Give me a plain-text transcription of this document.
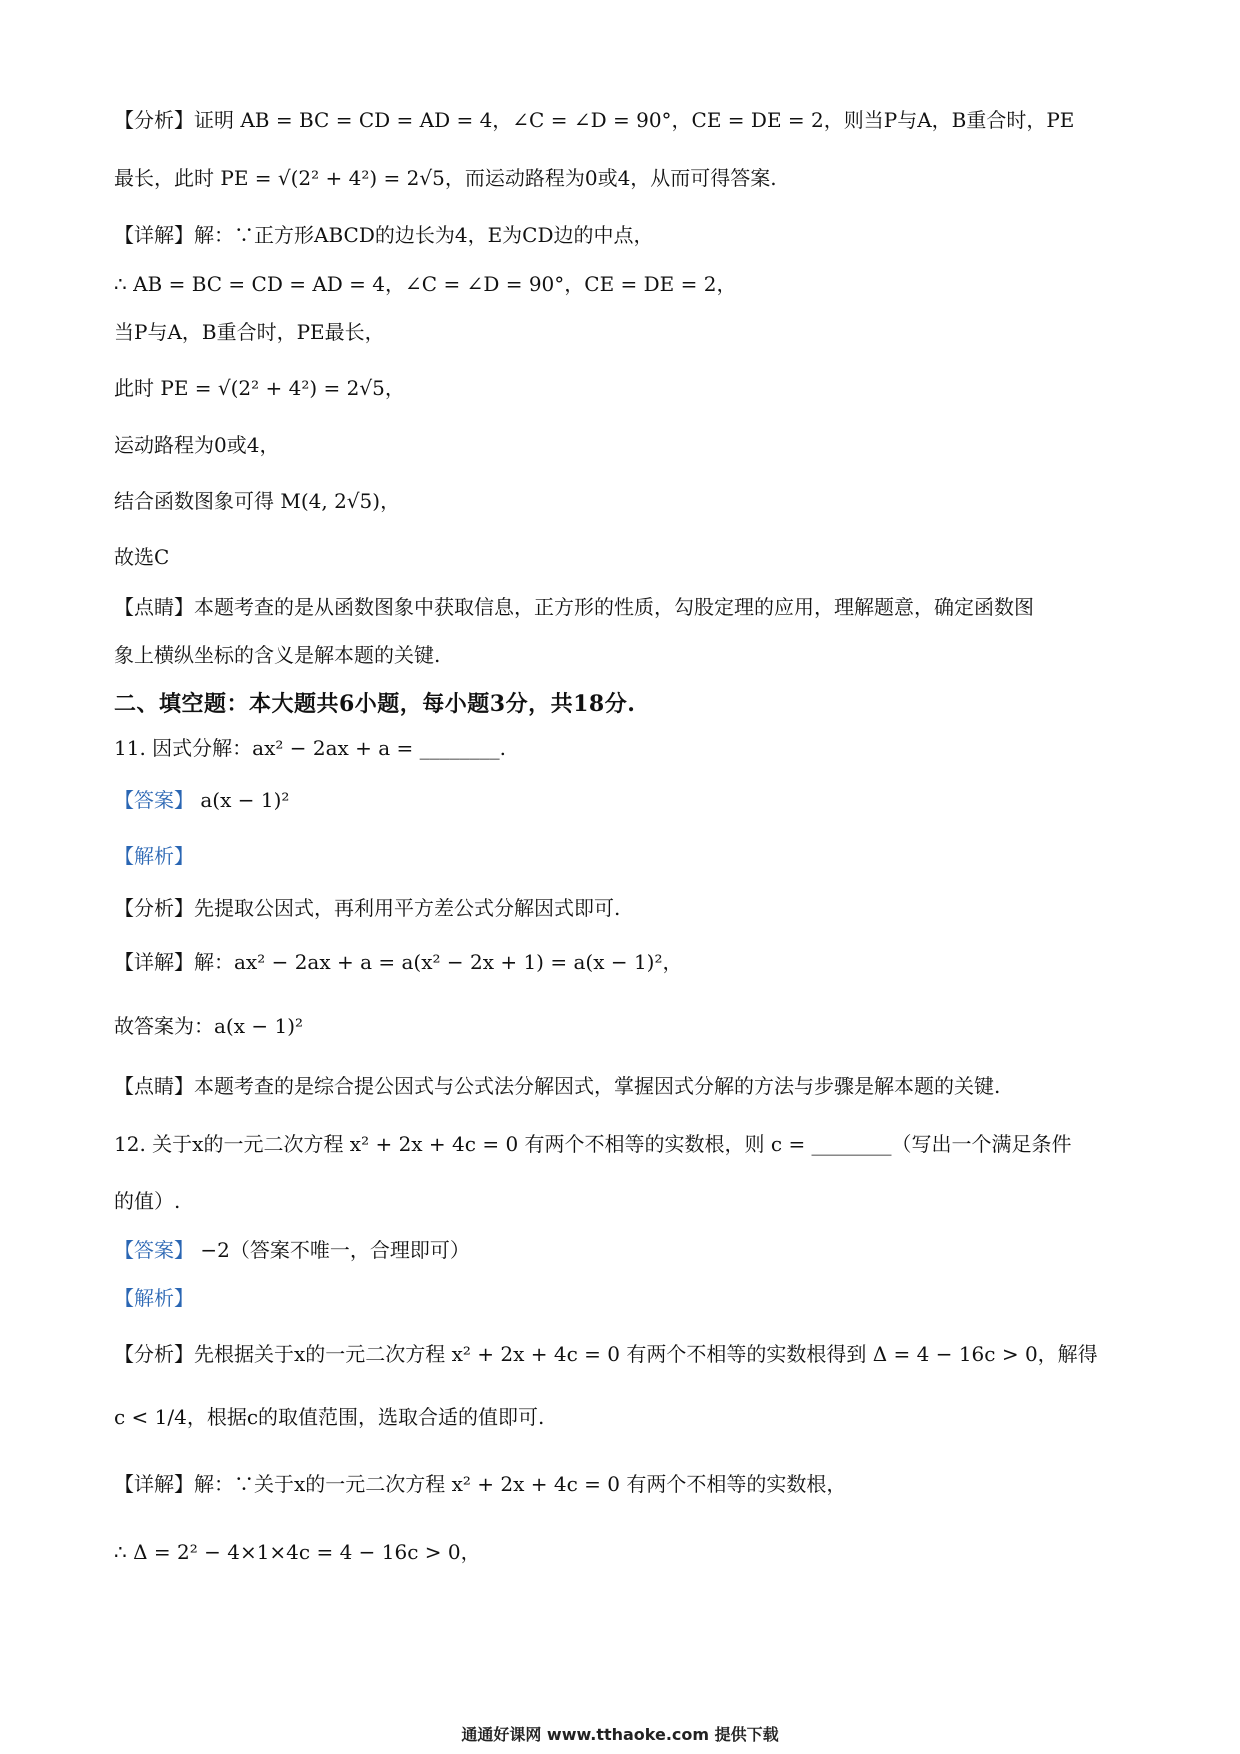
【分析】证明 AB = BC = CD = AD = 4，∠C = ∠D = 90°，CE = DE = 2，则当P与A，B重合时，PE
最长，此时 PE = √(2² + 4²) = 2√5，而运动路程为0或4，从而可得答案.
【详解】解：∵正方形ABCD的边长为4，E为CD边的中点，
∴ AB = BC = CD = AD = 4，∠C = ∠D = 90°，CE = DE = 2，
当P与A，B重合时，PE最长，
此时 PE = √(2² + 4²) = 2√5，
运动路程为0或4，
结合函数图象可得 M(4, 2√5)，
故选C
【点睛】本题考查的是从函数图象中获取信息，正方形的性质，勾股定理的应用，理解题意，确定函数图
象上横纵坐标的含义是解本题的关键.
二、填空题：本大题共6小题，每小题3分，共18分.
11. 因式分解：ax² − 2ax + a = ________.
【答案】 a(x − 1)²
【解析】
【分析】先提取公因式，再利用平方差公式分解因式即可.
【详解】解：ax² − 2ax + a = a(x² − 2x + 1) = a(x − 1)²，
故答案为：a(x − 1)²
【点睛】本题考查的是综合提公因式与公式法分解因式，掌握因式分解的方法与步骤是解本题的关键.
12. 关于x的一元二次方程 x² + 2x + 4c = 0 有两个不相等的实数根，则 c = ________（写出一个满足条件
的值）.
【答案】 −2（答案不唯一，合理即可）
【解析】
【分析】先根据关于x的一元二次方程 x² + 2x + 4c = 0 有两个不相等的实数根得到 Δ = 4 − 16c > 0，解得
c < 1/4，根据c的取值范围，选取合适的值即可.
【详解】解：∵关于x的一元二次方程 x² + 2x + 4c = 0 有两个不相等的实数根，
∴ Δ = 2² − 4×1×4c = 4 − 16c > 0，
通通好课网 www.tthaoke.com 提供下载
